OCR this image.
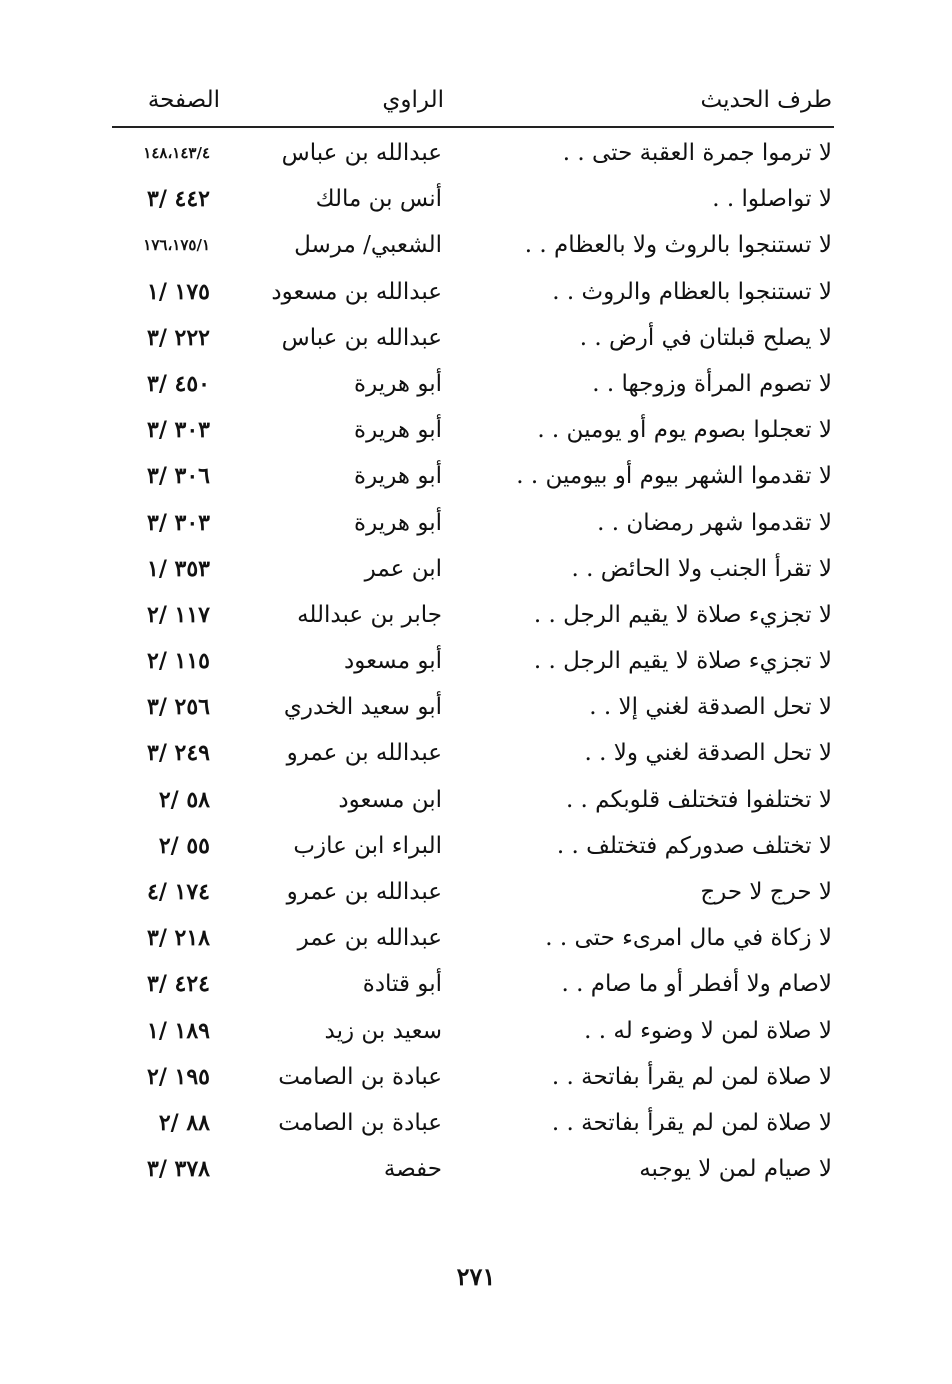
طرف الحديث
الراوي
الصفحة
لا ترموا جمرة العقبة حتى . .
عبدالله بن عباس
١٤٨،١٤٣/٤
لا تواصلوا . .
أنس بن مالك
٤٤٢ /٣
لا تستنجوا بالروث ولا بالعظام . .
الشعبي/ مرسل
١٧٦،١٧٥/١
لا تستنجوا بالعظام والروث . .
عبدالله بن مسعود
١٧٥ /١
لا يصلح قبلتان في أرض . .
عبدالله بن عباس
٢٢٢ /٣
لا تصوم المرأة وزوجها . .
أبو هريرة
٤٥٠ /٣
لا تعجلوا بصوم يوم أو يومين . .
أبو هريرة
٣٠٣ /٣
لا تقدموا الشهر بيوم أو بيومين . .
أبو هريرة
٣٠٦ /٣
لا تقدموا شهر رمضان . .
أبو هريرة
٣٠٣ /٣
لا تقرأ الجنب ولا الحائض . .
ابن عمر
٣٥٣ /١
لا تجزيء صلاة لا يقيم الرجل . .
جابر بن عبدالله
١١٧ /٢
لا تجزيء صلاة لا يقيم الرجل . .
أبو مسعود
١١٥ /٢
لا تحل الصدقة لغني إلا . .
أبو سعيد الخدري
٢٥٦ /٣
لا تحل الصدقة لغني ولا . .
عبدالله بن عمرو
٢٤٩ /٣
لا تختلفوا فتختلف قلوبكم . .
ابن مسعود
٥٨ /٢
لا تختلف صدوركم فتختلف . .
البراء ابن عازب
٥٥ /٢
لا حرج لا حرج
عبدالله بن عمرو
١٧٤ /٤
لا زكاة في مال امرىء حتى . .
عبدالله بن عمر
٢١٨ /٣
لاصام ولا أفطر أو ما صام . .
أبو قتادة
٤٢٤ /٣
لا صلاة لمن لا وضوء له . .
سعيد بن زيد
١٨٩ /١
لا صلاة لمن لم يقرأ بفاتحة . .
عبادة بن الصامت
١٩٥ /٢
لا صلاة لمن لم يقرأ بفاتحة . .
عبادة بن الصامت
٨٨ /٢
لا صيام لمن لا يوجبه
حفصة
٣٧٨ /٣
٢٧١
